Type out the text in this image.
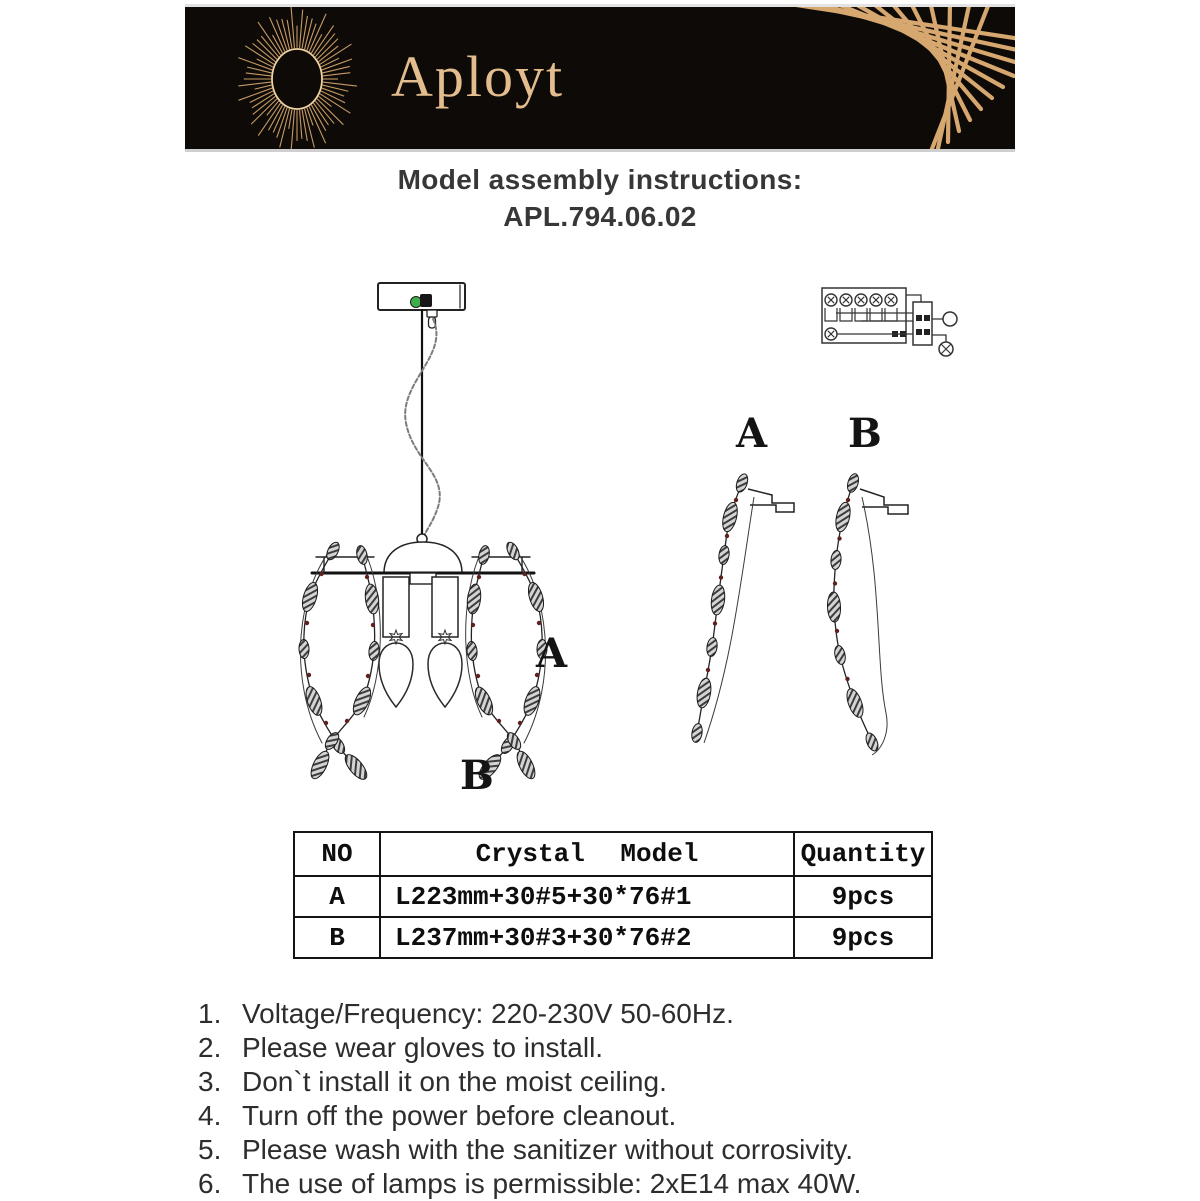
Aployt
Model assembly instructions:
APL.794.06.02
A
B
A B
NO	Crystal Model	Quantity
A	L223mm+30#5+30*76#1	9pcs
B	L237mm+30#3+30*76#2	9pcs
1. Voltage/Frequency: 220-230V 50-60Hz.
2. Please wear gloves to install.
3. Don`t install it on the moist ceiling.
4. Turn off the power before cleanout.
5. Please wash with the sanitizer without corrosivity.
6. The use of lamps is permissible: 2xE14 max 40W.
